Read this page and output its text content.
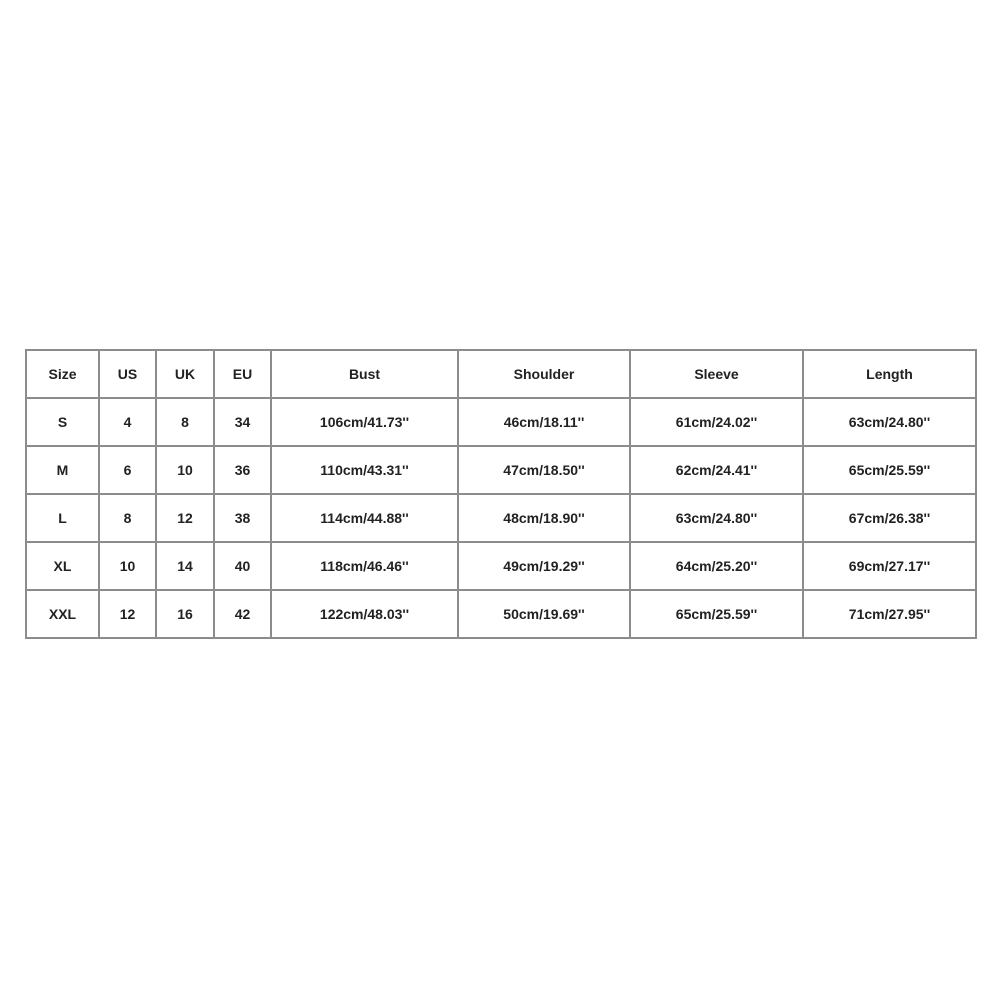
Size	US	UK	EU	Bust	Shoulder	Sleeve	Length
S	4	8	34	106cm/41.73''	46cm/18.11''	61cm/24.02''	63cm/24.80''
M	6	10	36	110cm/43.31''	47cm/18.50''	62cm/24.41''	65cm/25.59''
L	8	12	38	114cm/44.88''	48cm/18.90''	63cm/24.80''	67cm/26.38''
XL	10	14	40	118cm/46.46''	49cm/19.29''	64cm/25.20''	69cm/27.17''
XXL	12	16	42	122cm/48.03''	50cm/19.69''	65cm/25.59''	71cm/27.95''
